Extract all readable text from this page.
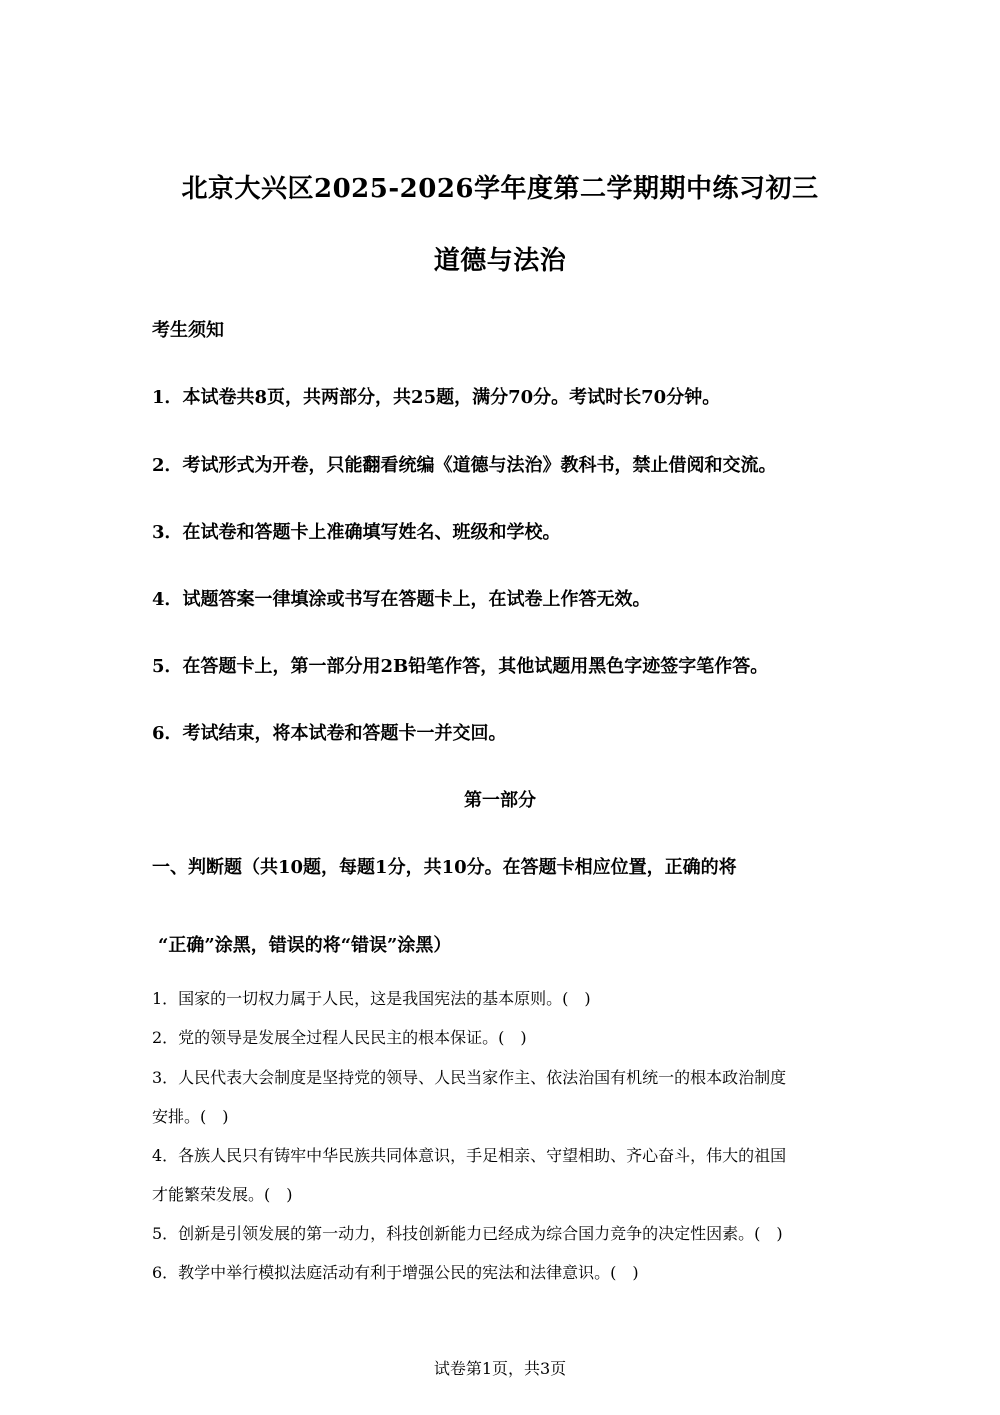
北京大兴区2025-2026学年度第二学期期中练习初三
道德与法治
考生须知
1．本试卷共8页，共两部分，共25题，满分70分。考试时长70分钟。
2．考试形式为开卷，只能翻看统编《道德与法治》教科书，禁止借阅和交流。
3．在试卷和答题卡上准确填写姓名、班级和学校。
4．试题答案一律填涂或书写在答题卡上，在试卷上作答无效。
5．在答题卡上，第一部分用2B铅笔作答，其他试题用黑色字迹签字笔作答。
6．考试结束，将本试卷和答题卡一并交回。
第一部分
一、判断题（共10题，每题1分，共10分。在答题卡相应位置，正确的将
“正确”涂黑，错误的将“错误”涂黑）
1．国家的一切权力属于人民，这是我国宪法的基本原则。(　)
2．党的领导是发展全过程人民民主的根本保证。(　)
3．人民代表大会制度是坚持党的领导、人民当家作主、依法治国有机统一的根本政治制度
安排。(　)
4．各族人民只有铸牢中华民族共同体意识，手足相亲、守望相助、齐心奋斗，伟大的祖国
才能繁荣发展。(　)
5．创新是引领发展的第一动力，科技创新能力已经成为综合国力竞争的决定性因素。(　)
6．教学中举行模拟法庭活动有利于增强公民的宪法和法律意识。(　)
试卷第1页，共3页
